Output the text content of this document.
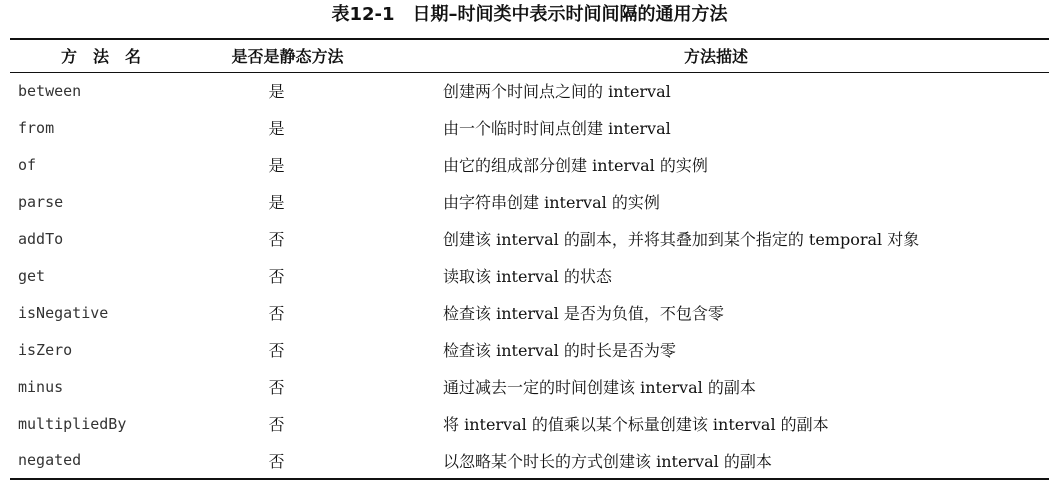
表12-1 日期–时间类中表示时间间隔的通用方法
方　法　名	是否是静态方法	方法描述
between	是	创建两个时间点之间的 interval
from	是	由一个临时时间点创建 interval
of	是	由它的组成部分创建 interval 的实例
parse	是	由字符串创建 interval 的实例
addTo	否	创建该 interval 的副本，并将其叠加到某个指定的 temporal 对象
get	否	读取该 interval 的状态
isNegative	否	检查该 interval 是否为负值，不包含零
isZero	否	检查该 interval 的时长是否为零
minus	否	通过减去一定的时间创建该 interval 的副本
multipliedBy	否	将 interval 的值乘以某个标量创建该 interval 的副本
negated	否	以忽略某个时长的方式创建该 interval 的副本
